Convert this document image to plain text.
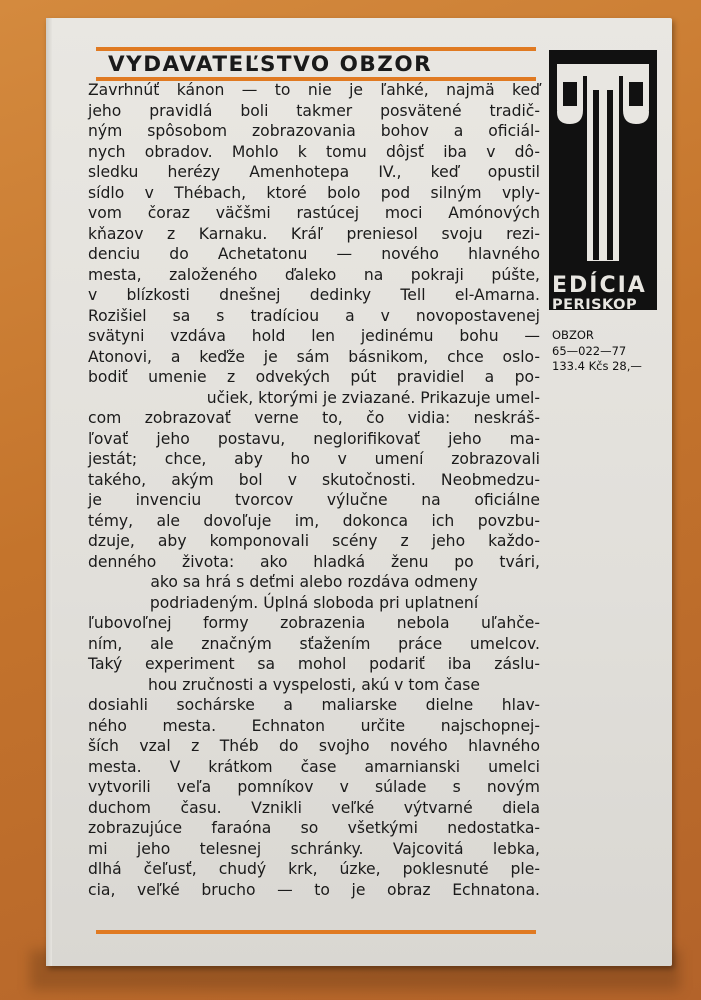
VYDAVATEĽSTVO OBZOR
EDÍCIA
PERISKOP
OBZOR
65—022—77
133.4 Kčs 28,—
Zavrhnúť kánon — to nie je ľahké, najmä keď
jeho pravidlá boli takmer posvätené tradič-
ným spôsobom zobrazovania bohov a oficiál-
nych obradov. Mohlo k tomu dôjsť iba v dô-
sledku herézy Amenhotepa IV., keď opustil
sídlo v Thébach, ktoré bolo pod silným vply-
vom čoraz väčšmi rastúcej moci Amónových
kňazov z Karnaku. Kráľ preniesol svoju rezi-
denciu do Achetatonu — nového hlavného
mesta, založeného ďaleko na pokraji púšte,
v blízkosti dnešnej dedinky Tell el-Amarna.
Rozišiel sa s tradíciou a v novopostavenej
svätyni vzdáva hold len jedinému bohu —
Atonovi, a keďže je sám básnikom, chce oslo-
bodiť umenie z odvekých pút pravidiel a po-
učiek, ktorými je zviazané. Prikazuje umel-
com zobrazovať verne to, čo vidia: neskráš-
ľovať jeho postavu, neglorifikovať jeho ma-
jestát; chce, aby ho v umení zobrazovali
takého, akým bol v skutočnosti. Neobmedzu-
je invenciu tvorcov výlučne na oficiálne
témy, ale dovoľuje im, dokonca ich povzbu-
dzuje, aby komponovali scény z jeho každo-
denného života: ako hladká ženu po tvári,
ako sa hrá s deťmi alebo rozdáva odmeny
podriadeným. Úplná sloboda pri uplatnení
ľubovoľnej formy zobrazenia nebola uľahče-
ním, ale značným sťažením práce umelcov.
Taký experiment sa mohol podariť iba záslu-
hou zručnosti a vyspelosti, akú v tom čase
dosiahli sochárske a maliarske dielne hlav-
ného mesta. Echnaton určite najschopnej-
ších vzal z Théb do svojho nového hlavného
mesta. V krátkom čase amarnianski umelci
vytvorili veľa pomníkov v súlade s novým
duchom času. Vznikli veľké výtvarné diela
zobrazujúce faraóna so všetkými nedostatka-
mi jeho telesnej schránky. Vajcovitá lebka,
dlhá čeľusť, chudý krk, úzke, poklesnuté ple-
cia, veľké brucho — to je obraz Echnatona.
